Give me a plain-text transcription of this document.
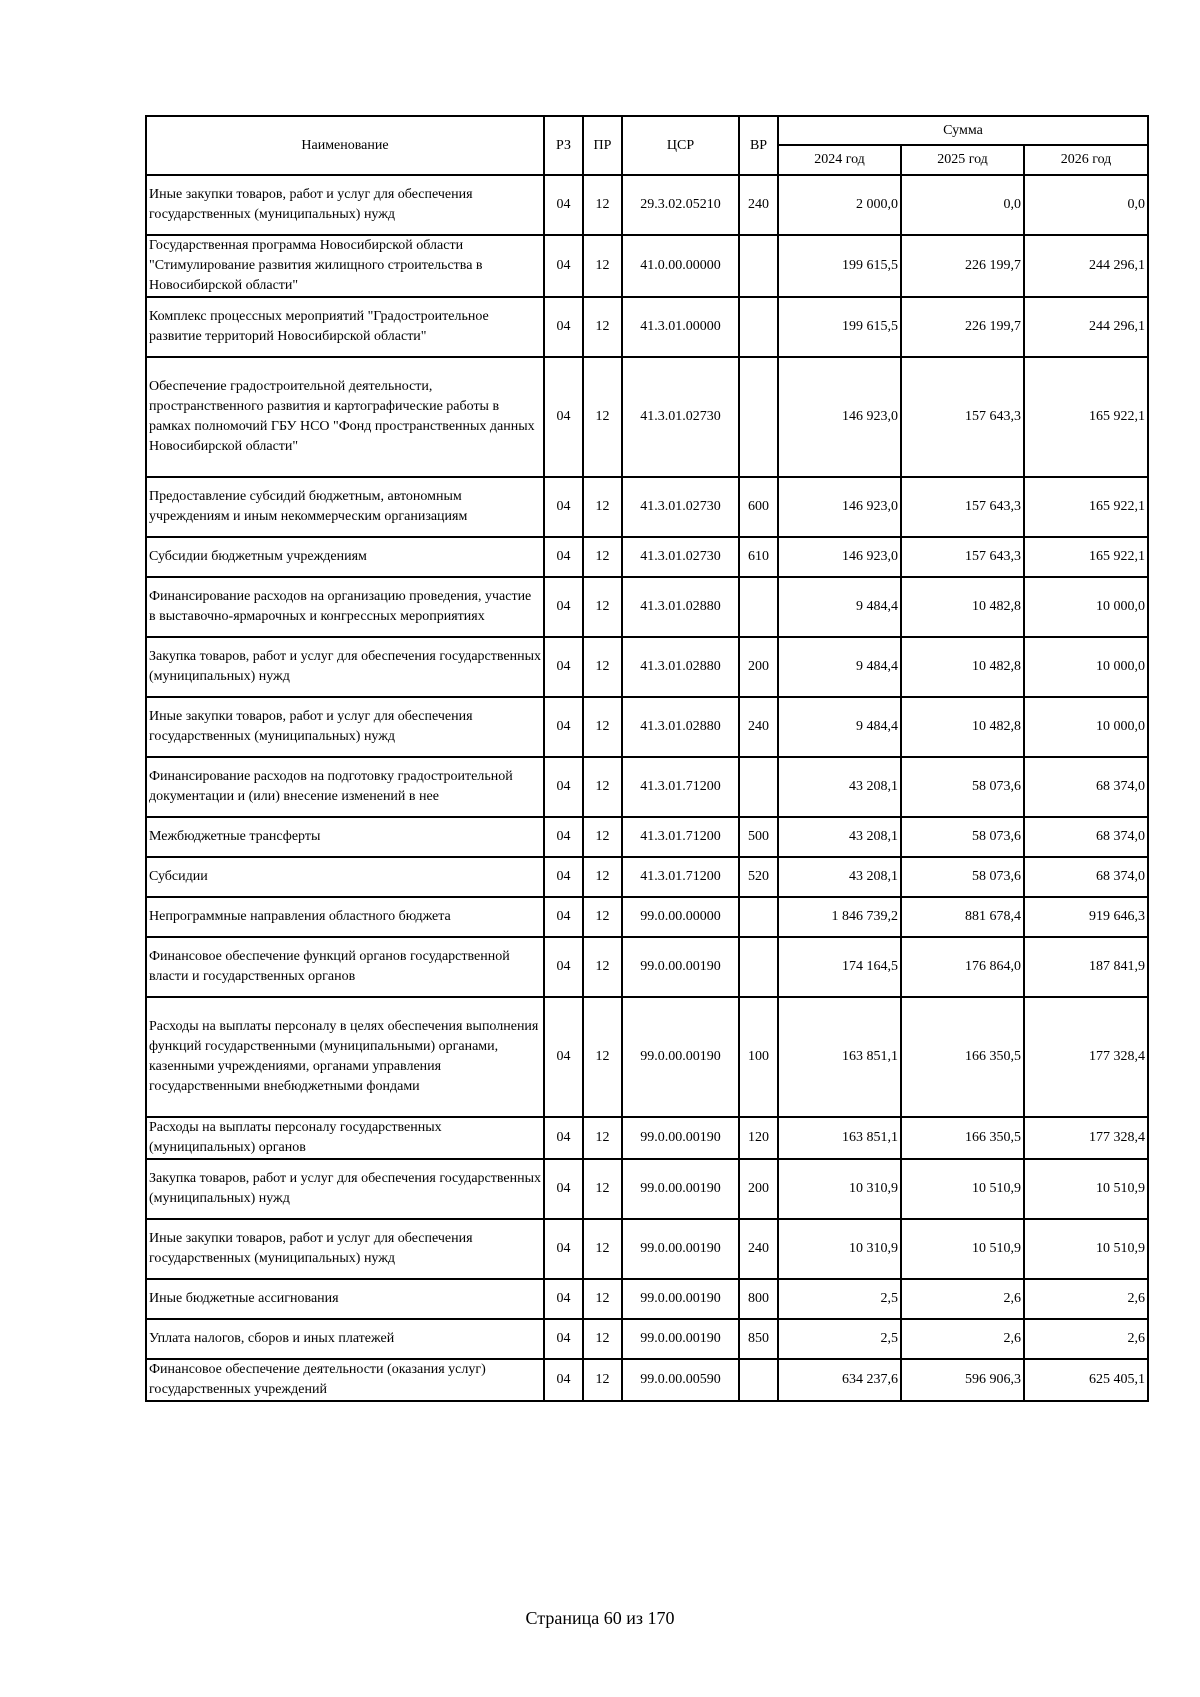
Наименование	РЗ	ПР	ЦСР	ВР	Сумма		
					2024 год	2025 год	2026 год
Иные закупки товаров, работ и услуг для обеспечения государственных (муниципальных) нужд	04	12	29.3.02.05210	240	2 000,0	0,0	0,0
Государственная программа Новосибирской области "Стимулирование развития жилищного строительства в Новосибирской области"	04	12	41.0.00.00000		199 615,5	226 199,7	244 296,1
Комплекс процессных мероприятий "Градостроительное развитие территорий Новосибирской области"	04	12	41.3.01.00000		199 615,5	226 199,7	244 296,1
Обеспечение градостроительной деятельности, пространственного развития и картографические работы в рамках полномочий ГБУ НСО "Фонд пространственных данных Новосибирской области"	04	12	41.3.01.02730		146 923,0	157 643,3	165 922,1
Предоставление субсидий бюджетным, автономным учреждениям и иным некоммерческим организациям	04	12	41.3.01.02730	600	146 923,0	157 643,3	165 922,1
Субсидии бюджетным учреждениям	04	12	41.3.01.02730	610	146 923,0	157 643,3	165 922,1
Финансирование расходов на организацию проведения, участие в выставочно-ярмарочных и конгрессных мероприятиях	04	12	41.3.01.02880		9 484,4	10 482,8	10 000,0
Закупка товаров, работ и услуг для обеспечения государственных (муниципальных) нужд	04	12	41.3.01.02880	200	9 484,4	10 482,8	10 000,0
Иные закупки товаров, работ и услуг для обеспечения государственных (муниципальных) нужд	04	12	41.3.01.02880	240	9 484,4	10 482,8	10 000,0
Финансирование расходов на подготовку градостроительной документации и (или) внесение изменений в нее	04	12	41.3.01.71200		43 208,1	58 073,6	68 374,0
Межбюджетные трансферты	04	12	41.3.01.71200	500	43 208,1	58 073,6	68 374,0
Субсидии	04	12	41.3.01.71200	520	43 208,1	58 073,6	68 374,0
Непрограммные направления областного бюджета	04	12	99.0.00.00000		1 846 739,2	881 678,4	919 646,3
Финансовое обеспечение функций органов государственной власти и государственных органов	04	12	99.0.00.00190		174 164,5	176 864,0	187 841,9
Расходы на выплаты персоналу в целях обеспечения выполнения функций государственными (муниципальными) органами, казенными учреждениями, органами управления государственными внебюджетными фондами	04	12	99.0.00.00190	100	163 851,1	166 350,5	177 328,4
Расходы на выплаты персоналу государственных (муниципальных) органов	04	12	99.0.00.00190	120	163 851,1	166 350,5	177 328,4
Закупка товаров, работ и услуг для обеспечения государственных (муниципальных) нужд	04	12	99.0.00.00190	200	10 310,9	10 510,9	10 510,9
Иные закупки товаров, работ и услуг для обеспечения государственных (муниципальных) нужд	04	12	99.0.00.00190	240	10 310,9	10 510,9	10 510,9
Иные бюджетные ассигнования	04	12	99.0.00.00190	800	2,5	2,6	2,6
Уплата налогов, сборов и иных платежей	04	12	99.0.00.00190	850	2,5	2,6	2,6
Финансовое обеспечение деятельности (оказания услуг) государственных учреждений	04	12	99.0.00.00590		634 237,6	596 906,3	625 405,1
Страница 60 из 170
